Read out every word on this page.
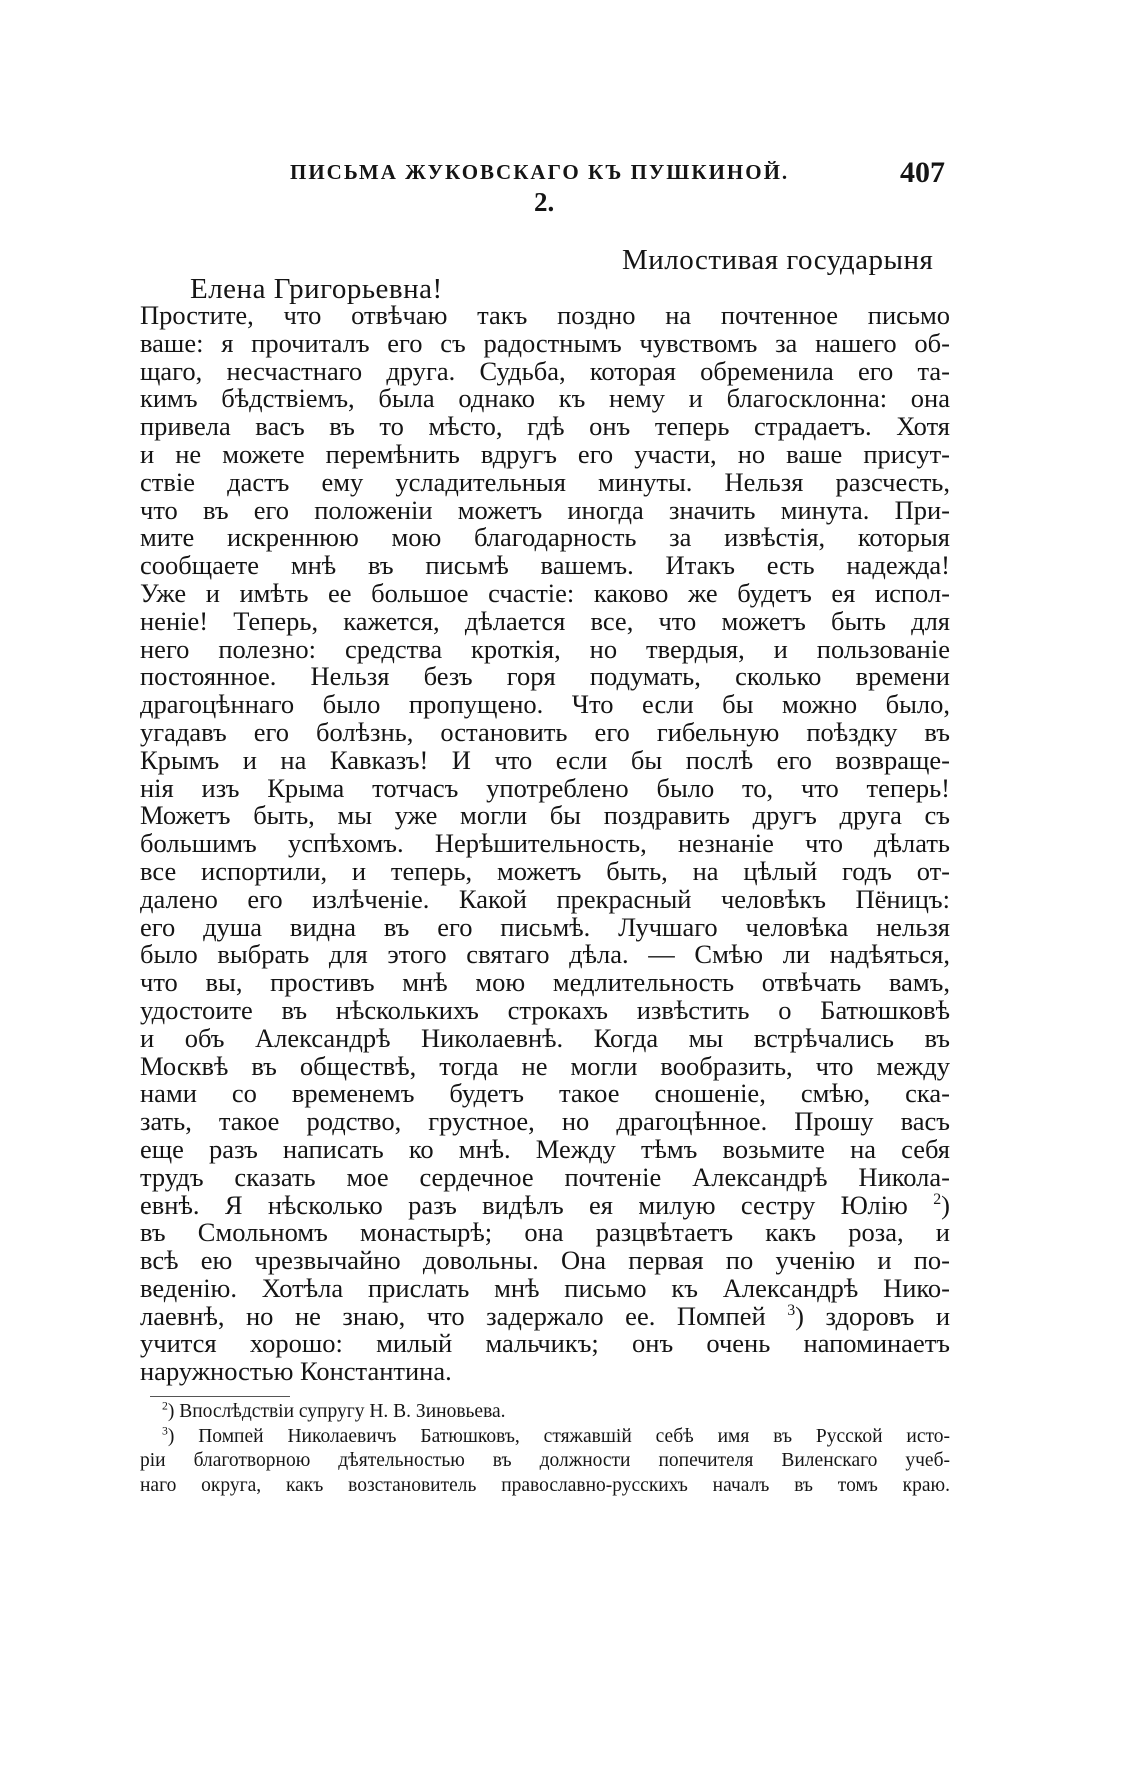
ПИСЬМА ЖУКОВСКАГО КЪ ПУШКИНОЙ.	407
2.
Милостивая государыня
Елена Григорьевна!
Простите, что отвѣчаю такъ поздно на почтенное письмо
ваше: я прочиталъ его съ радостнымъ чувствомъ за нашего об-
щаго, несчастнаго друга. Судьба, которая обременила его та-
кимъ бѣдствіемъ, была однако къ нему и благосклонна: она
привела васъ въ то мѣсто, гдѣ онъ теперь страдаетъ. Хотя
и не можете перемѣнить вдругъ его участи, но ваше присут-
ствіе дастъ ему усладительныя минуты. Нельзя разсчесть,
что въ его положеніи можетъ иногда значить минута. При-
мите искреннюю мою благодарность за извѣстія, которыя
сообщаете мнѣ въ письмѣ вашемъ. Итакъ есть надежда!
Уже и имѣть ее большое счастіе: каково же будетъ ея испол-
неніе! Теперь, кажется, дѣлается все, что можетъ быть для
него полезно: средства кроткія, но твердыя, и пользованіе
постоянное. Нельзя безъ горя подумать, сколько времени
драгоцѣннаго было пропущено. Что если бы можно было,
угадавъ его болѣзнь, остановить его гибельную поѣздку въ
Крымъ и на Кавказъ! И что если бы послѣ его возвраще-
нія изъ Крыма тотчасъ употреблено было то, что теперь!
Можетъ быть, мы уже могли бы поздравить другъ друга съ
большимъ успѣхомъ. Нерѣшительность, незнаніе что дѣлать
все испортили, и теперь, можетъ быть, на цѣлый годъ от-
далено его излѣченіе. Какой прекрасный человѣкъ Пёницъ:
его душа видна въ его письмѣ. Лучшаго человѣка нельзя
было выбрать для этого святаго дѣла. — Смѣю ли надѣяться,
что вы, простивъ мнѣ мою медлительность отвѣчать вамъ,
удостоите въ нѣсколькихъ строкахъ извѣстить о Батюшковѣ
и объ Александрѣ Николаевнѣ. Когда мы встрѣчались въ
Москвѣ въ обществѣ, тогда не могли вообразить, что между
нами со временемъ будетъ такое сношеніе, смѣю, ска-
зать, такое родство, грустное, но драгоцѣнное. Прошу васъ
еще разъ написать ко мнѣ. Между тѣмъ возьмите на себя
трудъ сказать мое сердечное почтеніе Александрѣ Никола-
евнѣ. Я нѣсколько разъ видѣлъ ея милую сестру Юлію $^2$)
въ Смольномъ монастырѣ; она разцвѣтаетъ какъ роза, и
всѣ ею чрезвычайно довольны. Она первая по ученію и по-
веденію. Хотѣла прислать мнѣ письмо къ Александрѣ Нико-
лаевнѣ, но не знаю, что задержало ее. Помпей $^3$) здоровъ и
учится хорошо: милый мальчикъ; онъ очень напоминаетъ
наружностью Константина.
$^2$) Впослѣдствіи супругу Н. В. Зиновьева.
$^3$) Помпей Николаевичъ Батюшковъ, стяжавшій себѣ имя въ Русской исто-
ріи благотворною дѣятельностью въ должности попечителя Виленскаго учеб-
наго округа, какъ возстановитель православно-русскихъ началъ въ томъ краю.
